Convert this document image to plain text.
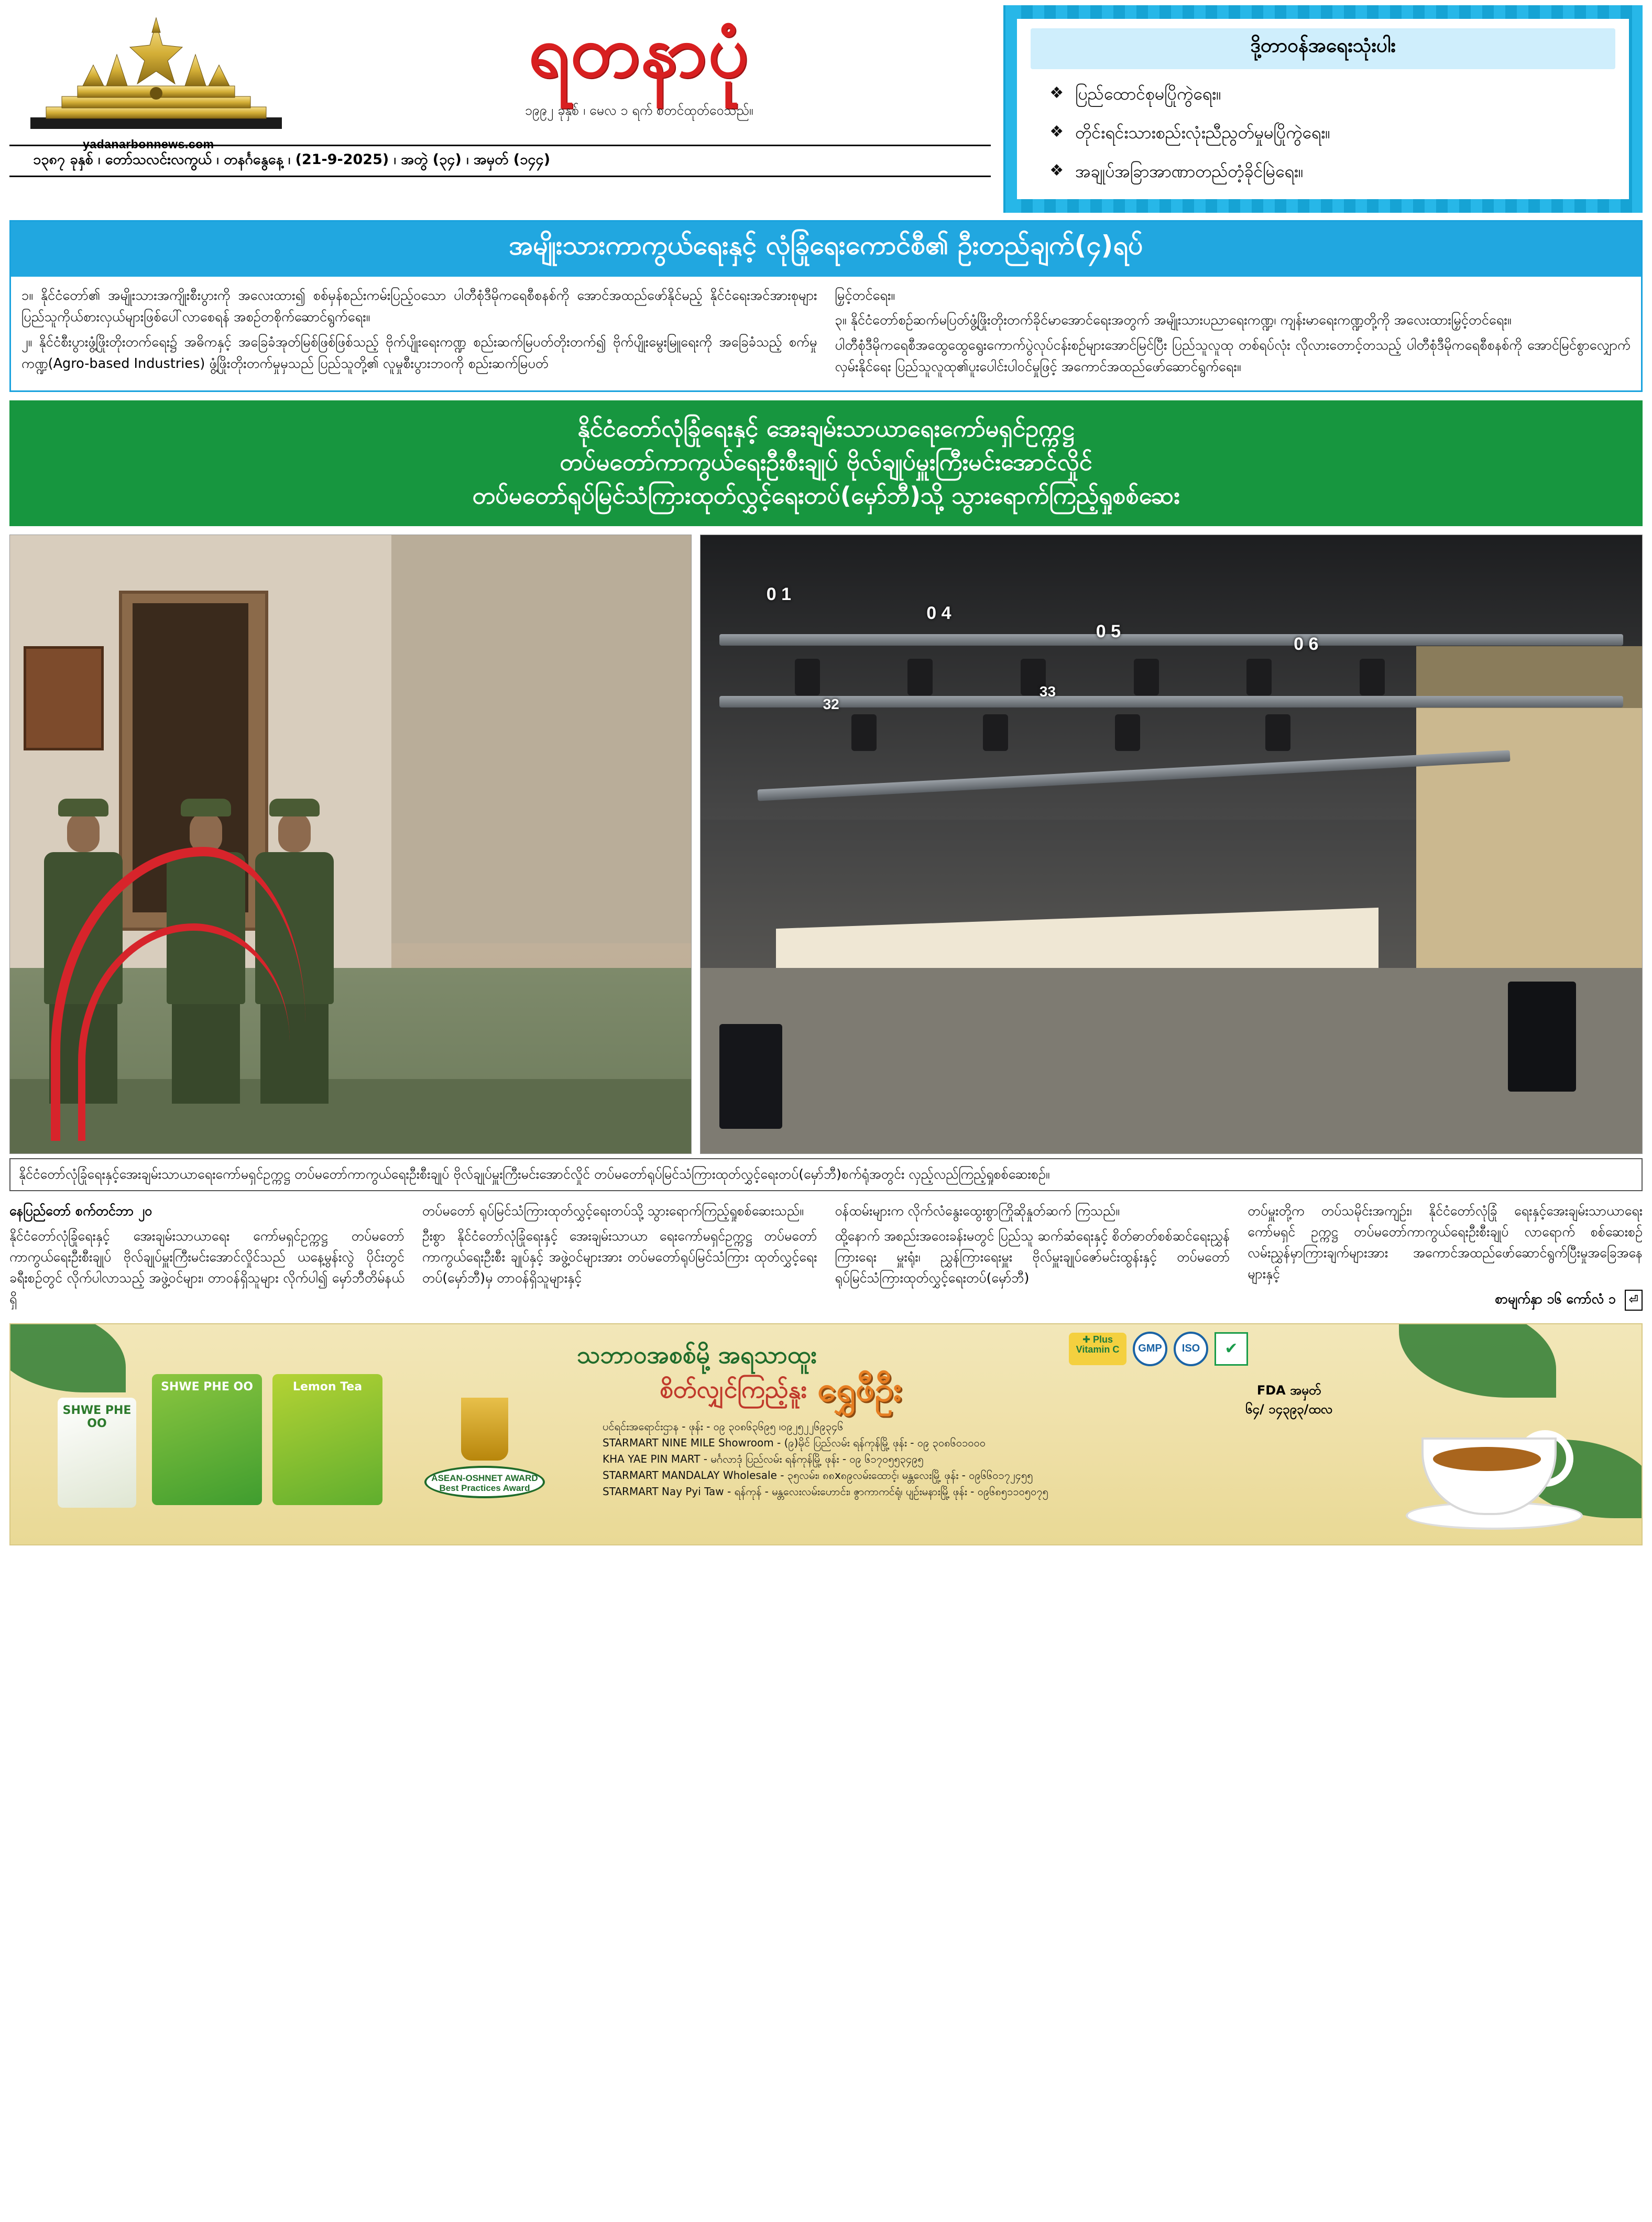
ရတနာပုံ
၁၉၉၂ ခုနှစ် ၊ မေလ ၁ ရက် စတင်ထုတ်ဝေသည်။
yadanarbonnews.com
၁၃၈၇ ခုနှစ် ၊ တော်သလင်းလကွယ် ၊ တနင်္ဂနွေနေ့ ၊ (21-9-2025) ၊ အတွဲ (၃၄) ၊ အမှတ် (၁၄၄)
ဒို့တာဝန်အရေးသုံးပါး
❖ ပြည်ထောင်စုမပြိုကွဲရေး။
❖ တိုင်းရင်းသားစည်းလုံးညီညွတ်မှုမပြိုကွဲရေး။
❖ အချုပ်အခြာအာဏာတည်တံ့ခိုင်မြဲရေး။
အမျိုးသားကာကွယ်ရေးနှင့် လုံခြုံရေးကောင်စီ၏ ဦးတည်ချက်(၄)ရပ်
၁။ နိုင်ငံတော်၏ အမျိုးသားအကျိုးစီးပွားကို အလေးထား၍ စစ်မှန်စည်းကမ်းပြည့်ဝသော ပါတီစုံဒီမိုကရေစီစနစ်ကို အောင်အထည်ဖော်နိုင်မည့် နိုင်ငံရေးအင်အားစုများ ပြည်သူကိုယ်စားလှယ်များဖြစ်ပေါ်လာစေရန် အစဉ်တစိုက်ဆောင်ရွက်ရေး။
၂။ နိုင်ငံစီးပွားဖွံ့ဖြိုးတိုးတက်ရေး၌ အဓိကနှင့် အခြေခံအုတ်မြစ်ဖြစ်ဖြစ်သည့် ဗိုက်ပျိုးရေးကဏ္ဍ စည်းဆက်မြပတ်တိုးတက်၍ ဗိုက်ပျိုးမွေးမြူရေးကို အခြေခံသည့် စက်မှုကဏ္ဍ(Agro-based Industries) ဖွံ့ဖြိုးတိုးတက်မှုမှသည် ပြည်သူတို့၏ လူမှုစီးပွားဘဝကို စည်းဆက်မြပတ်
မြှင့်တင်ရေး။
၃။ နိုင်ငံတော်စဉ်ဆက်မပြတ်ဖွံ့ဖြိုးတိုးတက်ခိုင်မာအောင်ရေးအတွက် အမျိုးသားပညာရေးကဏ္ဍ၊ ကျန်းမာရေးကဏ္ဍတို့ကို အလေးထားမြှင့်တင်ရေး။
ပါတီစုံဒီမိုကရေစီအထွေထွေရွေးကောက်ပွဲလုပ်ငန်းစဉ်များအောင်မြင်ပြီး ပြည်သူလူထု တစ်ရပ်လုံး လိုလားတောင့်တသည့် ပါတီစုံဒီမိုကရေစီစနစ်ကို အောင်မြင်စွာလျှောက်လှမ်းနိုင်ရေး ပြည်သူလူထု၏ပူးပေါင်းပါဝင်မှုဖြင့် အကောင်အထည်ဖော်ဆောင်ရွက်ရေး။
နိုင်ငံတော်လုံခြုံရေးနှင့် အေးချမ်းသာယာရေးကော်မရှင်ဥက္ကဋ္ဌ
တပ်မတော်ကာကွယ်ရေးဦးစီးချုပ် ဗိုလ်ချုပ်မှူးကြီးမင်းအောင်လှိုင်
တပ်မတော်ရုပ်မြင်သံကြားထုတ်လွှင့်ရေးတပ်(မှော်ဘီ)သို့ သွားရောက်ကြည့်ရှုစစ်ဆေး
0 1
0 4
0 5
0 6
32
33
နိုင်ငံတော်လုံခြုံရေးနှင့်အေးချမ်းသာယာရေးကော်မရှင်ဥက္ကဋ္ဌ တပ်မတော်ကာကွယ်ရေးဦးစီးချုပ် ဗိုလ်ချုပ်မှူးကြီးမင်းအောင်လှိုင် တပ်မတော်ရုပ်မြင်သံကြားထုတ်လွှင့်ရေးတပ်(မှော်ဘီ)စက်ရုံအတွင်း လှည့်လည်ကြည့်ရှုစစ်ဆေးစဉ်။

နေပြည်တော် စက်တင်ဘာ ၂၀

နိုင်ငံတော်လုံခြုံရေးနှင့် အေးချမ်းသာယာရေး ကော်မရှင်ဥက္ကဋ္ဌ တပ်မတော်ကာကွယ်ရေးဦးစီးချုပ် ဗိုလ်ချုပ်မှူးကြီးမင်းအောင်လှိုင်သည် ယနေ့မွန်းလွဲ ပိုင်းတွင် ခရီးစဉ်တွင် လိုက်ပါလာသည့် အဖွဲ့ဝင်များ၊ တာဝန်ရှိသူများ လိုက်ပါ၍ မှော်ဘီတိမ်နယ်ရှိ

တပ်မတော် ရုပ်မြင်သံကြားထုတ်လွှင့်ရေးတပ်သို့ သွားရောက်ကြည့်ရှုစစ်ဆေးသည်။

ဦးစွာ နိုင်ငံတော်လုံခြုံရေးနှင့် အေးချမ်းသာယာ ရေးကော်မရှင်ဥက္ကဋ္ဌ တပ်မတော်ကာကွယ်ရေးဦးစီး ချုပ်နှင့် အဖွဲ့ဝင်များအား တပ်မတော်ရုပ်မြင်သံကြား ထုတ်လွှင့်ရေးတပ်(မှော်ဘီ)မှ တာဝန်ရှိသူများနှင့်

ဝန်ထမ်းများက လိုက်လံနွေးထွေးစွာကြိုဆိုနှုတ်ဆက် ကြသည်။

ထို့နောက် အစည်းအဝေးခန်းမတွင် ပြည်သူ ဆက်ဆံရေးနှင့် စိတ်ဓာတ်စစ်ဆင်ရေးညွှန်ကြားရေး မှူးရုံး၊ ညွှန်ကြားရေးမှူး ဗိုလ်မှူးချုပ်ဇော်မင်းထွန်းနှင့် တပ်မတော်ရုပ်မြင်သံကြားထုတ်လွှင့်ရေးတပ်(မှော်ဘီ)

တပ်မှူးတို့က တပ်သမိုင်းအကျဉ်း၊ နိုင်ငံတော်လုံခြုံ ရေးနှင့်အေးချမ်းသာယာရေးကော်မရှင် ဥက္ကဋ္ဌ တပ်မတော်ကာကွယ်ရေးဦးစီးချုပ် လာရောက် စစ်ဆေးစဉ် လမ်းညွှန်မှာကြားချက်များအား အကောင်အထည်ဖော်ဆောင်ရွက်ပြီးမှုအခြေအနေ များနှင့်

စာမျက်နှာ ၁၆ ကော်လံ ၁ ⏎

SHWE PHE OO	Lemon Tea
SHWE PHE OO
ASEAN-OSHNET AWARD Best Practices Award
✚ Plus
Vitamin C	GMP	ISO	✔
သဘာဝအစစ်မို့ အရသာထူး
စိတ်လျှင်ကြည့်နူး ရွှေဖီဦး	FDA အမှတ်
၆၄/ ၁၄၃၉၃/ထလ
ပင်ရင်းအရောင်းဌာန - ဖုန်း - ၀၉ ၃၀၈၆၃၆၉၅ ၊၀၉၂၅၂၂၆၉၃၄၆
STARMART NINE MILE Showroom - (၉)မိုင် ပြည်လမ်း ရန်ကုန်မြို့ ဖုန်း - ၀၉ ၃၀၈၆၀၁၀၀၀
KHA YAE PIN MART - မင်္ဂလာဒုံ ပြည်လမ်း ရန်ကုန်မြို့ ဖုန်း - ၀၉ ၆၁၇၀၅၅၃၄၉၅
STARMART MANDALAY Wholesale - ၃၅လမ်း၊ ၈၈x၈၉လမ်းထောင့်၊ မန္တလေးမြို့ ဖုန်း - ၀၉၆၆၀၁၇၂၄၅၅
STARMART Nay Pyi Taw - ရန်ကုန် - မန္တလေးလမ်းဟောင်း၊ ဇွာကာကင်ရုံ၊ ပျဉ်းမနားမြို့ ဖုန်း - ၀၉၆၈၅၁၁၀၅၀၇၅
